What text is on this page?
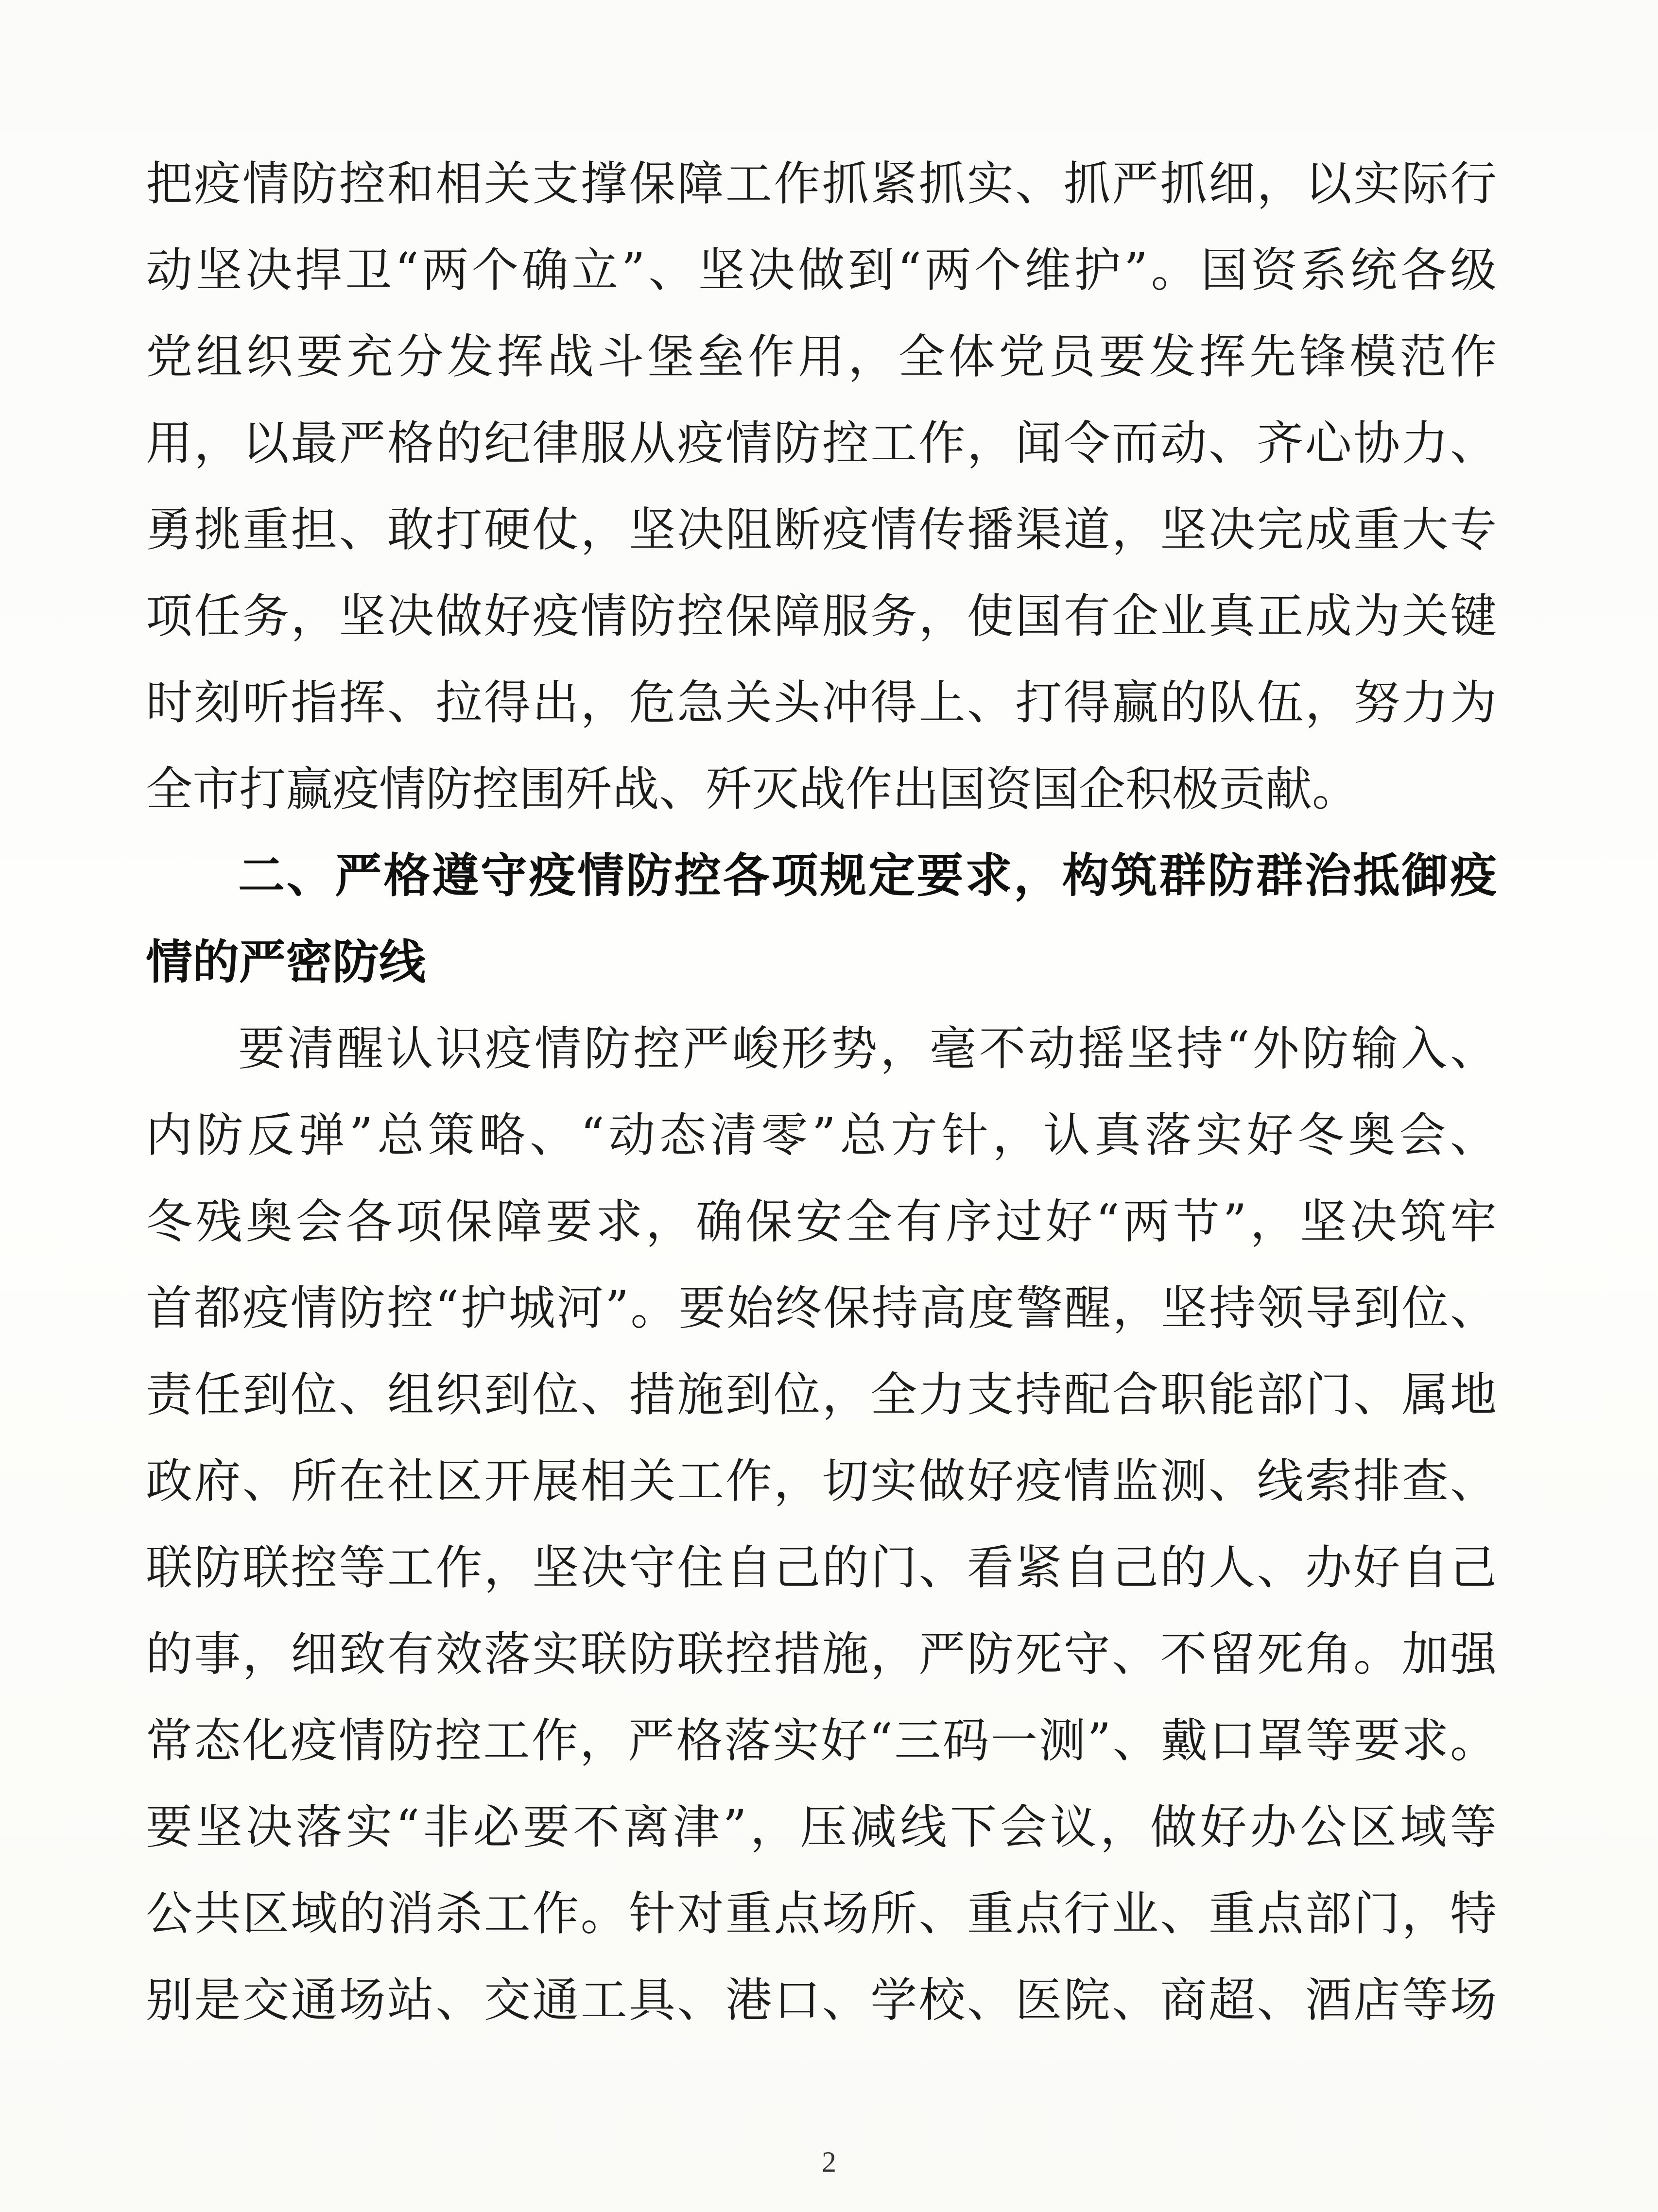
把疫情防控和相关支撑保障工作抓紧抓实、抓严抓细，以实际行
动坚决捍卫“两个确立”、坚决做到“两个维护”。国资系统各级
党组织要充分发挥战斗堡垒作用，全体党员要发挥先锋模范作
用，以最严格的纪律服从疫情防控工作，闻令而动、齐心协力、
勇挑重担、敢打硬仗，坚决阻断疫情传播渠道，坚决完成重大专
项任务，坚决做好疫情防控保障服务，使国有企业真正成为关键
时刻听指挥、拉得出，危急关头冲得上、打得赢的队伍，努力为
全市打赢疫情防控围歼战、歼灭战作出国资国企积极贡献。
二、严格遵守疫情防控各项规定要求，构筑群防群治抵御疫
情的严密防线
要清醒认识疫情防控严峻形势，毫不动摇坚持“外防输入、
内防反弹”总策略、“动态清零”总方针，认真落实好冬奥会、
冬残奥会各项保障要求，确保安全有序过好“两节”，坚决筑牢
首都疫情防控“护城河”。要始终保持高度警醒，坚持领导到位、
责任到位、组织到位、措施到位，全力支持配合职能部门、属地
政府、所在社区开展相关工作，切实做好疫情监测、线索排查、
联防联控等工作，坚决守住自己的门、看紧自己的人、办好自己
的事，细致有效落实联防联控措施，严防死守、不留死角。加强
常态化疫情防控工作，严格落实好“三码一测”、戴口罩等要求。
要坚决落实“非必要不离津”，压减线下会议，做好办公区域等
公共区域的消杀工作。针对重点场所、重点行业、重点部门，特
别是交通场站、交通工具、港口、学校、医院、商超、酒店等场
2
